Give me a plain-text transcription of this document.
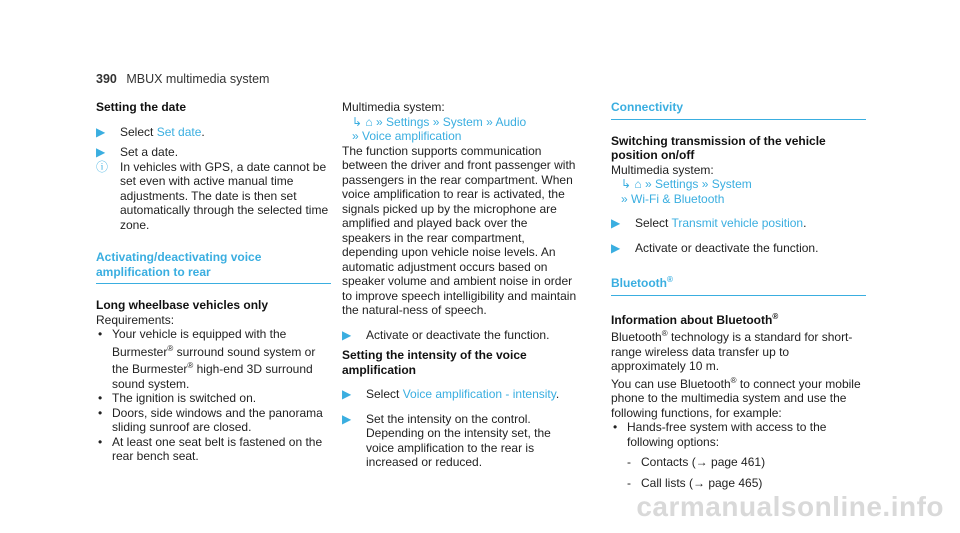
390 MBUX multimedia system
Setting the date
▶ Select Set date.
▶ Set a date.
ⓘ In vehicles with GPS, a date cannot be set even with active manual time adjustments. The date is then set automatically through the selected time zone.
Activating/deactivating voice amplification to rear
Long wheelbase vehicles only
Requirements:
• Your vehicle is equipped with the Burmester® surround sound system or the Burmester® high-end 3D surround sound system.
• The ignition is switched on.
• Doors, side windows and the panorama sliding sunroof are closed.
• At least one seat belt is fastened on the rear bench seat.
Multimedia system:
↳ ⌂ » Settings » System » Audio
» Voice amplification
The function supports communication between the driver and front passenger with passengers in the rear compartment. When voice amplification to rear is activated, the signals picked up by the microphone are amplified and played back over the speakers in the rear compartment, depending upon vehicle noise levels. An automatic adjustment occurs based on speaker volume and ambient noise in order to improve speech intelligibility and maintain the natural-ness of speech.
▶ Activate or deactivate the function.
Setting the intensity of the voice amplification
▶ Select Voice amplification - intensity.
▶ Set the intensity on the control. Depending on the intensity set, the voice amplification to the rear is increased or reduced.
Connectivity
Switching transmission of the vehicle position on/off
Multimedia system:
↳ ⌂ » Settings » System
» Wi-Fi & Bluetooth
▶ Select Transmit vehicle position.
▶ Activate or deactivate the function.
Bluetooth®
Information about Bluetooth®
Bluetooth® technology is a standard for short-range wireless data transfer up to approximately 10 m.
You can use Bluetooth® to connect your mobile phone to the multimedia system and use the following functions, for example:
• Hands-free system with access to the following options:
- Contacts (→ page 461)
- Call lists (→ page 465)
carmanualsonline.info
